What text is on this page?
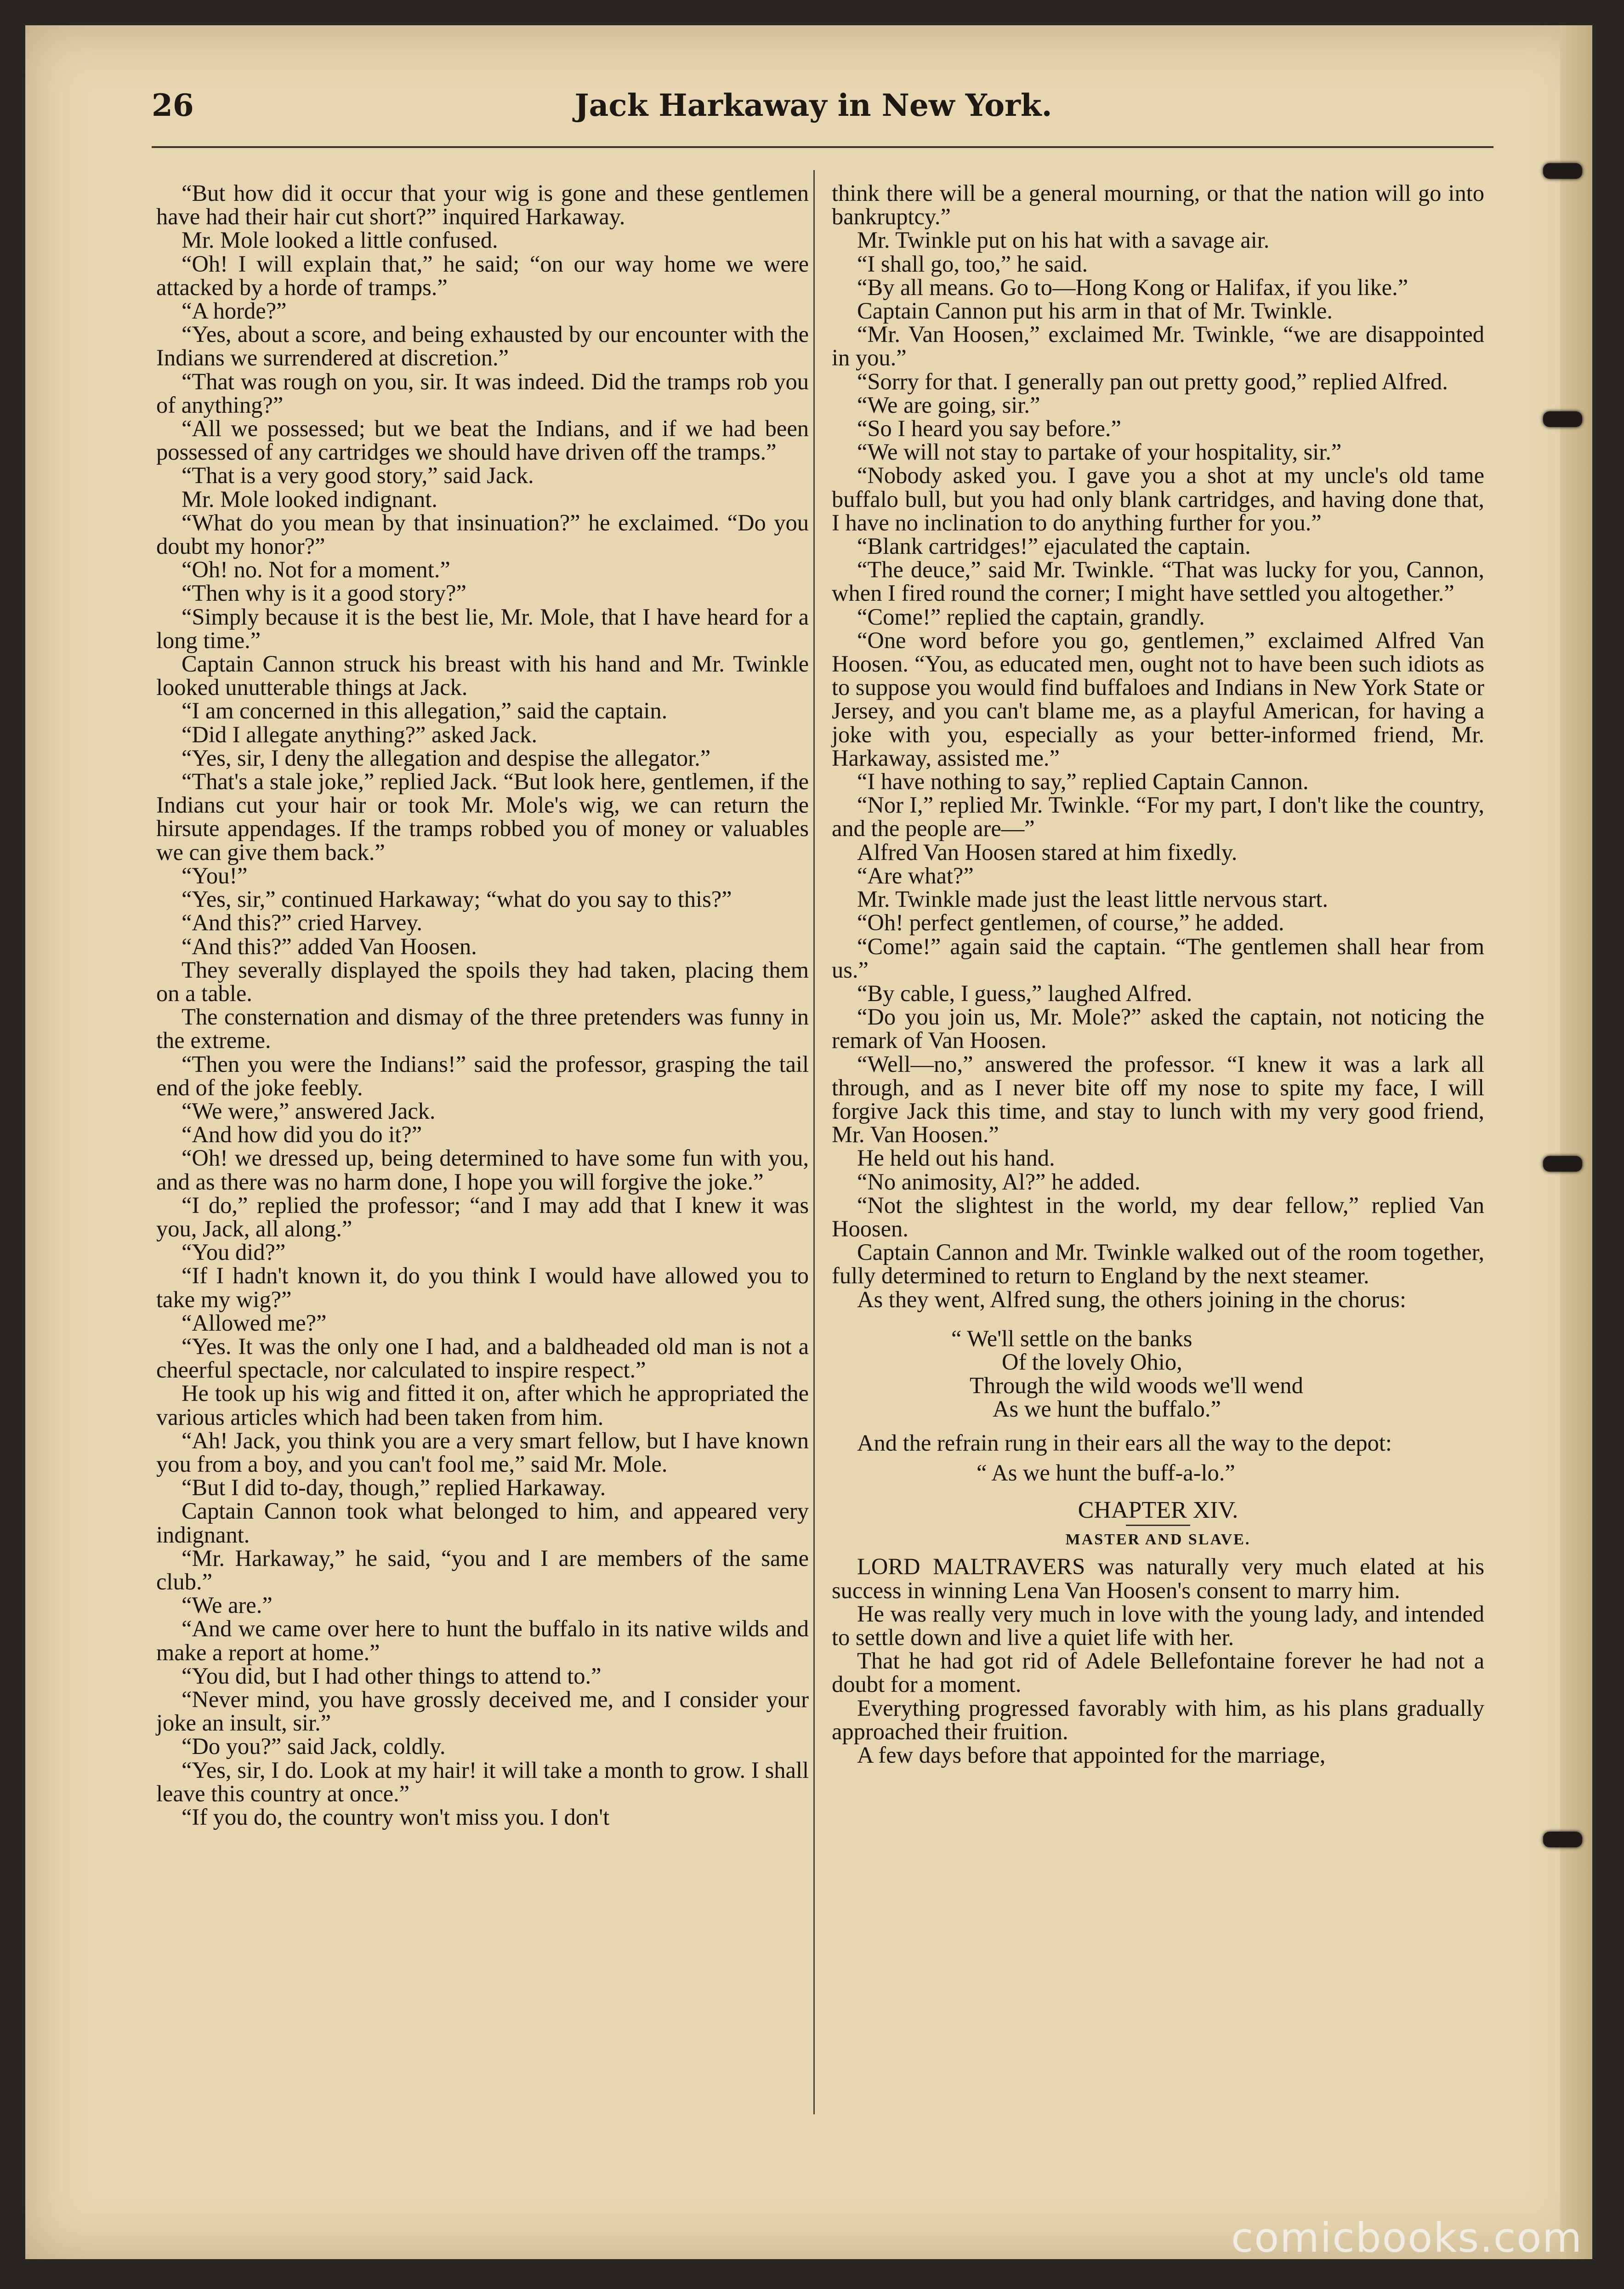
26	Jack Harkaway in New York.

“But how did it occur that your wig is gone and these gentlemen have had their hair cut short?” inquired Harkaway.

Mr. Mole looked a little confused.

“Oh! I will explain that,” he said; “on our way home we were attacked by a horde of tramps.”

“A horde?”

“Yes, about a score, and being exhausted by our encounter with the Indians we surrendered at discretion.”

“That was rough on you, sir. It was indeed. Did the tramps rob you of anything?”

“All we possessed; but we beat the Indians, and if we had been possessed of any cartridges we should have driven off the tramps.”

“That is a very good story,” said Jack.

Mr. Mole looked indignant.

“What do you mean by that insinuation?” he exclaimed. “Do you doubt my honor?”

“Oh! no. Not for a moment.”

“Then why is it a good story?”

“Simply because it is the best lie, Mr. Mole, that I have heard for a long time.”

Captain Cannon struck his breast with his hand and Mr. Twinkle looked unutterable things at Jack.

“I am concerned in this allegation,” said the captain.

“Did I allegate anything?” asked Jack.

“Yes, sir, I deny the allegation and despise the allegator.”

“That's a stale joke,” replied Jack. “But look here, gentlemen, if the Indians cut your hair or took Mr. Mole's wig, we can return the hirsute appendages. If the tramps robbed you of money or valuables we can give them back.”

“You!”

“Yes, sir,” continued Harkaway; “what do you say to this?”

“And this?” cried Harvey.

“And this?” added Van Hoosen.

They severally displayed the spoils they had taken, placing them on a table.

The consternation and dismay of the three pretenders was funny in the extreme.

“Then you were the Indians!” said the professor, grasping the tail end of the joke feebly.

“We were,” answered Jack.

“And how did you do it?”

“Oh! we dressed up, being determined to have some fun with you, and as there was no harm done, I hope you will forgive the joke.”

“I do,” replied the professor; “and I may add that I knew it was you, Jack, all along.”

“You did?”

“If I hadn't known it, do you think I would have allowed you to take my wig?”

“Allowed me?”

“Yes. It was the only one I had, and a baldheaded old man is not a cheerful spectacle, nor calculated to inspire respect.”

He took up his wig and fitted it on, after which he appropriated the various articles which had been taken from him.

“Ah! Jack, you think you are a very smart fellow, but I have known you from a boy, and you can't fool me,” said Mr. Mole.

“But I did to-day, though,” replied Harkaway.

Captain Cannon took what belonged to him, and appeared very indignant.

“Mr. Harkaway,” he said, “you and I are members of the same club.”

“We are.”

“And we came over here to hunt the buffalo in its native wilds and make a report at home.”

“You did, but I had other things to attend to.”

“Never mind, you have grossly deceived me, and I consider your joke an insult, sir.”

“Do you?” said Jack, coldly.

“Yes, sir, I do. Look at my hair! it will take a month to grow. I shall leave this country at once.”

“If you do, the country won't miss you. I don't

think there will be a general mourning, or that the nation will go into bankruptcy.”

Mr. Twinkle put on his hat with a savage air.

“I shall go, too,” he said.

“By all means. Go to—Hong Kong or Halifax, if you like.”

Captain Cannon put his arm in that of Mr. Twinkle.

“Mr. Van Hoosen,” exclaimed Mr. Twinkle, “we are disappointed in you.”

“Sorry for that. I generally pan out pretty good,” replied Alfred.

“We are going, sir.”

“So I heard you say before.”

“We will not stay to partake of your hospitality, sir.”

“Nobody asked you. I gave you a shot at my uncle's old tame buffalo bull, but you had only blank cartridges, and having done that, I have no inclination to do anything further for you.”

“Blank cartridges!” ejaculated the captain.

“The deuce,” said Mr. Twinkle. “That was lucky for you, Cannon, when I fired round the corner; I might have settled you altogether.”

“Come!” replied the captain, grandly.

“One word before you go, gentlemen,” exclaimed Alfred Van Hoosen. “You, as educated men, ought not to have been such idiots as to suppose you would find buffaloes and Indians in New York State or Jersey, and you can't blame me, as a playful American, for having a joke with you, especially as your better-informed friend, Mr. Harkaway, assisted me.”

“I have nothing to say,” replied Captain Cannon.

“Nor I,” replied Mr. Twinkle. “For my part, I don't like the country, and the people are—”

Alfred Van Hoosen stared at him fixedly.

“Are what?”

Mr. Twinkle made just the least little nervous start.

“Oh! perfect gentlemen, of course,” he added.

“Come!” again said the captain. “The gentlemen shall hear from us.”

“By cable, I guess,” laughed Alfred.

“Do you join us, Mr. Mole?” asked the captain, not noticing the remark of Van Hoosen.

“Well—no,” answered the professor. “I knew it was a lark all through, and as I never bite off my nose to spite my face, I will forgive Jack this time, and stay to lunch with my very good friend, Mr. Van Hoosen.”

He held out his hand.

“No animosity, Al?” he added.

“Not the slightest in the world, my dear fellow,” replied Van Hoosen.

Captain Cannon and Mr. Twinkle walked out of the room together, fully determined to return to England by the next steamer.

As they went, Alfred sung, the others joining in the chorus:

“ We'll settle on the banks
Of the lovely Ohio,
Through the wild woods we'll wend
As we hunt the buffalo.”

And the refrain rung in their ears all the way to the depot:

“ As we hunt the buff-a-lo.”
CHAPTER XIV.
MASTER AND SLAVE.

LORD MALTRAVERS was naturally very much elated at his success in winning Lena Van Hoosen's consent to marry him.

He was really very much in love with the young lady, and intended to settle down and live a quiet life with her.

That he had got rid of Adele Bellefontaine forever he had not a doubt for a moment.

Everything progressed favorably with him, as his plans gradually approached their fruition.

A few days before that appointed for the marriage,

comicbooks.com
